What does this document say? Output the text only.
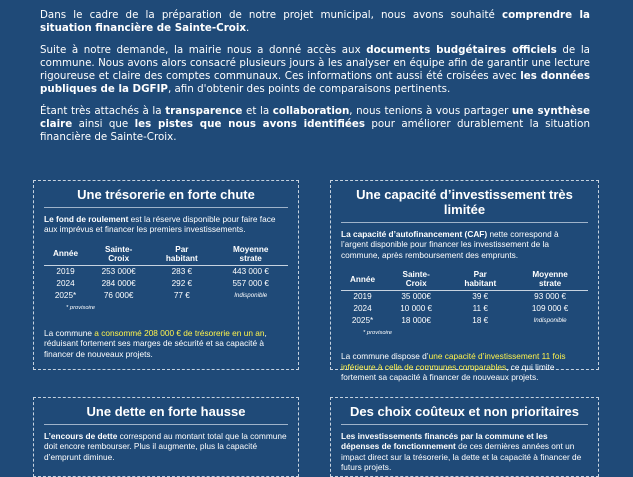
Dans le cadre de la préparation de notre projet municipal, nous avons souhaité comprendre la situation financière de Sainte-Croix.

Suite à notre demande, la mairie nous a donné accès aux documents budgétaires officiels de la commune. Nous avons alors consacré plusieurs jours à les analyser en équipe afin de garantir une lecture rigoureuse et claire des comptes communaux. Ces informations ont aussi été croisées avec les données publiques de la DGFIP, afin d'obtenir des points de comparaisons pertinents.

Étant très attachés à la transparence et la collaboration, nous tenions à vous partager une synthèse claire ainsi que les pistes que nous avons identifiées pour améliorer durablement la situation financière de Sainte-Croix.

Une trésorerie en forte chute

Le fond de roulement est la réserve disponible pour faire face aux imprévus et financer les premiers investissements.

Année	Sainte-Croix	Par habitant	Moyenne strate
2019	253 000€	283 €	443 000 €
2024	284 000€	292 €	557 000 €
2025*	76 000€	77 €	Indisponible

* provisoire

La commune a consommé 208 000 € de trésorerie en un an, réduisant fortement ses marges de sécurité et sa capacité à financer de nouveaux projets.

Une capacité d’investissement très limitée

La capacité d’autofinancement (CAF) nette correspond à l’argent disponible pour financer les investissement de la commune, après remboursement des emprunts.

Année	Sainte-Croix	Par habitant	Moyenne strate
2019	35 000€	39 €	93 000 €
2024	10 000 €	11 €	109 000 €
2025*	18 000€	18 €	Indisponible

* provisoire

La commune dispose d’une capacité d’investissement 11 fois inférieure à celle de communes comparables, ce qui limite fortement sa capacité à financer de nouveaux projets.

Une dette en forte hausse

L’encours de dette correspond au montant total que la commune doit encore rembourser. Plus il augmente, plus la capacité d’emprunt diminue.

Des choix coûteux et non prioritaires

Les investissements financés par la commune et les dépenses de fonctionnement de ces dernières années ont un impact direct sur la trésorerie, la dette et la capacité à financer de futurs projets.
